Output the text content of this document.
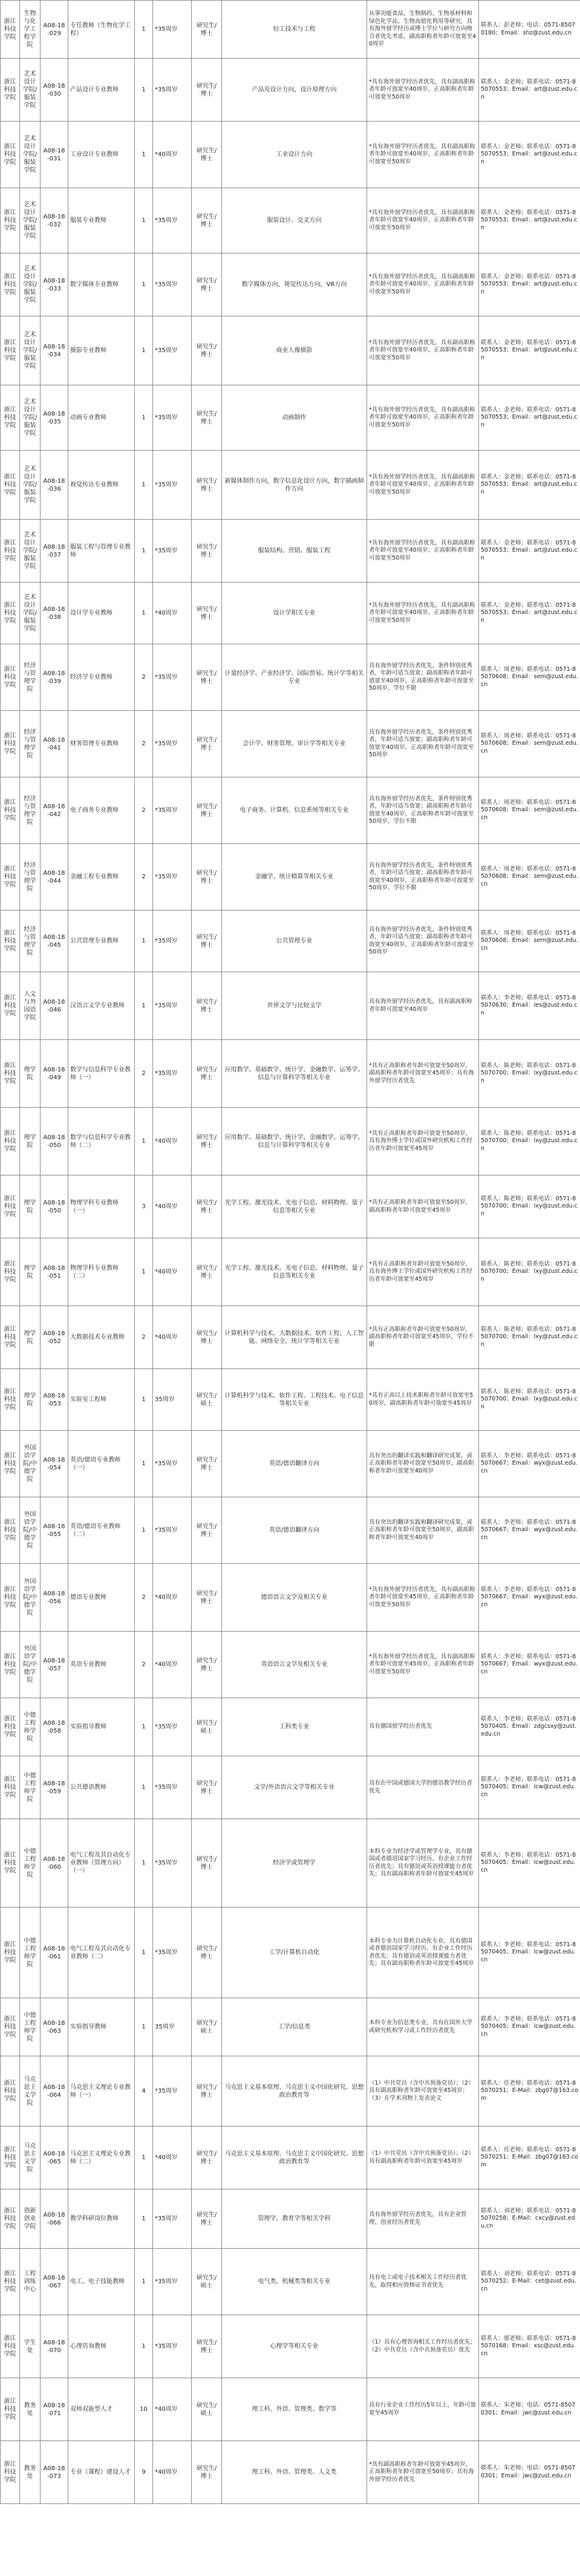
浙江科技学院	生物与化学工程学院	A08-18-029	专任教师（生物化学工程）	1	*35周岁	研究生/博士	轻工技术与工程	从事功能食品、生物制药、生物基材料和绿色化学品、生物高值化利用等研究，具有海外留学经历或博士学位与研究方向吻合者优先考虑，副高职称者年龄可放宽至40周岁	联系人：彭老师；电话：0571-85070180；Email：shz@zust.edu.cn
浙江科技学院	艺术设计学院/服装学院	A08-18-030	产品设计专业教师	1	*35周岁	研究生/博士	产品及设计方向，设计原理方向	*具有海外留学经历者优先，具有副高职称者年龄可放宽至40周岁，正高职称者年龄可放宽至50周岁	联系人：金老师；联系电话：0571-85070553；Email：art@zust.edu.cn
浙江科技学院	艺术设计学院/服装学院	A08-18-031	工业设计专业教师	1	*40周岁	研究生/博士	工业设计方向	*具有海外留学经历者优先，具有副高职称者年龄可放宽至40周岁，正高职称者年龄可放宽至50周岁	联系人：金老师；联系电话：0571-85070553；Email：art@zust.edu.cn
浙江科技学院	艺术设计学院/服装学院	A08-18-032	服装专业教师	1	*35周岁	研究生/博士	服装设计、交叉方向	*具有海外留学经历者优先，具有副高职称者年龄可放宽至40周岁，正高职称者年龄可放宽至50周岁	联系人：金老师；联系电话：0571-85070553；Email：art@zust.edu.cn
浙江科技学院	艺术设计学院/服装学院	A08-18-033	数字媒体专业教师	1	*35周岁	研究生/博士	数字媒体方向，视觉传达方向，VR方向	*具有海外留学经历者优先，具有副高职称者年龄可放宽至40周岁，正高职称者年龄可放宽至50周岁	联系人：金老师；联系电话：0571-85070553；Email：art@zust.edu.cn
浙江科技学院	艺术设计学院/服装学院	A08-18-034	摄影专业教师	1	*35周岁	研究生/博士	商业人像摄影	*具有海外留学经历者优先，具有副高职称者年龄可放宽至40周岁，正高职称者年龄可放宽至50周岁	联系人：金老师；联系电话：0571-85070553；Email：art@zust.edu.cn
浙江科技学院	艺术设计学院/服装学院	A08-18-035	动画专业教师	1	*35周岁	研究生/博士	动画制作	*具有海外留学经历者优先，具有副高职称者年龄可放宽至40周岁，正高职称者年龄可放宽至50周岁	联系人：金老师；联系电话：0571-85070553；Email：art@zust.edu.cn
浙江科技学院	艺术设计学院/服装学院	A08-18-036	视觉传达专业教师	1	*35周岁	研究生/博士	新媒体制作方向，数字信息化设计方向，数字插画制作方向	*具有海外留学经历者优先，具有副高职称者年龄可放宽至40周岁，正高职称者年龄可放宽至50周岁	联系人：金老师；联系电话：0571-85070553；Email：art@zust.edu.cn
浙江科技学院	艺术设计学院/服装学院	A08-18-037	服装工程与管理专业教师	1	*35周岁	研究生/博士	服装结构、营销、服装工程	*具有海外留学经历者优先，具有副高职称者年龄可放宽至40周岁，正高职称者年龄可放宽至50周岁	联系人：金老师；联系电话：0571-85070553；Email：art@zust.edu.cn
浙江科技学院	艺术设计学院/服装学院	A08-18-038	设计学专业教师	1	*40周岁	研究生/博士	设计学相关专业	*具有海外留学经历者优先，具有副高职称者年龄可放宽至40周岁，正高职称者年龄可放宽至50周岁	联系人：金老师；联系电话：0571-85070553；Email：art@zust.edu.cn
浙江科技学院	经济与管理学院	A08-18-039	经济学专业教师	2	*35周岁	研究生/博士	计量经济学、产业经济学、国际贸易、统计学等相关专业	具有海外留学经历者优先，条件特别优秀者，年龄可适当放宽；副高职称者年龄可放宽至40周岁，正高职称者年龄可放宽至50周岁，学位不限	联系人：周老师；联系电话：0571-85070608；Email：sem@zust.edu.cn
浙江科技学院	经济与管理学院	A08-18-041	财务管理专业教师	2	*35周岁	研究生/博士	会计学、财务管理、审计学等相关专业	具有海外留学经历者优先，条件特别优秀者，年龄可适当放宽；副高职称者年龄可放宽至40周岁，正高职称者年龄可放宽至50周岁	联系人：周老师；联系电话：0571-85070608；Email：sem@zust.edu.cn
浙江科技学院	经济与管理学院	A08-18-042	电子商务专业教师	2	*35周岁	研究生/博士	电子商务、计算机、信息系统等相关专业	具有海外留学经历者优先，条件特别优秀者，年龄可适当放宽；副高职称者年龄可放宽至40周岁，正高职称者年龄可放宽至50周岁，学位不限	联系人：周老师；联系电话：0571-85070608；Email：sem@zust.edu.cn
浙江科技学院	经济与管理学院	A08-18-044	金融工程专业教师	2	*35周岁	研究生/博士	金融学、统计精算等相关专业	具有海外留学经历者优先，条件特别优秀者，年龄可适当放宽；副高职称者年龄可放宽至40周岁，正高职称者年龄可放宽至50周岁，学位不限	联系人：周老师；联系电话：0571-85070608；Email：sem@zust.edu.cn
浙江科技学院	经济与管理学院	A08-18-045	公共管理专业教师	1	*35周岁	研究生/博士	公共管理专业	具有海外留学经历者优先，条件特别优秀者，年龄可适当放宽；副高职称者年龄可放宽至40周岁，正高职称者年龄可放宽至50周岁	联系人：周老师；联系电话：0571-85070608；Email：sem@zust.edu.cn
浙江科技学院	人文与外国语学院	A08-18-046	汉语言文学专业教师	1	*35周岁	研究生/博士	世界文学与比较文学	具有海外留学经历者优先，具有副高职称者年龄可放宽至40周岁	联系人：李老师；联系电话：0571-85070630；Email：les@zust.edu.cn
浙江科技学院	理学院	A08-18-049	数学与信息科学专业教师（一）	2	*35周岁	研究生/博士	应用数学、基础数学、统计学、金融数学、运筹学、信息与计算科学等相关专业	*具有正高职称者年龄可放宽至50周岁，副高职称者年龄可放宽至45周岁；具有海外留学经历者优先	联系人：陈老师；联系电话：0571-85070700；Email：lxy@zust.edu.cn
浙江科技学院	理学院	A08-18-050	数学与信息科学专业教师（二）	1	*40周岁	研究生/博士	应用数学、基础数学、统计学、金融数学、运筹学、信息与计算科学等相关专业	*具有正高职称者年龄可放宽至50周岁，具有海外博士学位或国外研究机构工作经历者年龄可放宽至45周岁	联系人：陈老师；联系电话：0571-85070700；Email：lxy@zust.edu.cn
浙江科技学院	理学院	A08-18-050	物理学科专业教师（一）	3	*40周岁	研究生/博士	光学工程、激光技术、光电子信息、材料物理、量子信息等相关专业	*具有正高职称者年龄可放宽至50周岁，副高职称者年龄可放宽至45周岁	联系人：陈老师；联系电话：0571-85070700；Email：lxy@zust.edu.cn
浙江科技学院	理学院	A08-18-051	物理学科专业教师（二）	1	*40周岁	研究生/博士	光学工程、激光技术、光电子信息、材料物理、量子信息等相关专业	*具有正高职称者年龄可放宽至50周岁，具有海外博士学位或国外研究机构工作经历者年龄可放宽至45周岁	联系人：陈老师；联系电话：0571-85070700；Email：lxy@zust.edu.cn
浙江科技学院	理学院	A08-18-052	大数据技术专业教师	2	*40周岁	研究生/博士	计算机科学与技术、大数据技术、软件工程、人工智能、网络安全、统计学等相关专业	*具有正高职称者年龄可放宽至50周岁，副高职称者年龄可放宽至45周岁，学位不限	联系人：陈老师；联系电话：0571-85070700；Email：lxy@zust.edu.cn
浙江科技学院	理学院	A08-18-053	实验室工程师	1	35周岁	研究生/硕士	计算机科学与技术、软件工程、工程技术、电子信息等相关专业	*具有正高以上技术职称者年龄可放宽至50周岁，副高职称者年龄可放宽至45周岁	联系人：陈老师；联系电话：0571-85070700；Email：lxy@zust.edu.cn
浙江科技学院	外国语学院/中德学院	A08-18-054	英语/德语专业教师（一）	1	*35周岁	研究生/博士	英语/德语翻译方向	具有突出的翻译实践和翻译研究成果，或正高职称者年龄可放宽至50周岁，副高职称者年龄可放宽至40周岁	联系人：李老师；联系电话：0571-85070667；Email：wyx@zust.edu.cn
浙江科技学院	外国语学院/中德学院	A08-18-055	英语/德语专业教师（二）	1	*35周岁	研究生/博士	英语/德语翻译方向	具有突出的翻译实践和翻译研究成果，或正高职称者年龄可放宽至50周岁，副高职称者年龄可放宽至40周岁	联系人：李老师；联系电话：0571-85070667；Email：wyx@zust.edu.cn
浙江科技学院	外国语学院/中德学院	A08-18-056	德语专业教师	2	*40周岁	研究生/博士	德语语言文学及相关专业	*具有海外留学经历者优先，具有副高职称者年龄可放宽至45周岁，正高职称者年龄可放宽至50周岁	联系人：李老师；联系电话：0571-85070667；Email：wyx@zust.edu.cn
浙江科技学院	外国语学院/中德学院	A08-18-057	英语专业教师	2	*40周岁	研究生/博士	英语语言文学及相关专业	*具有海外留学经历者优先，具有副高职称者年龄可放宽至45周岁，正高职称者年龄可放宽至50周岁	联系人：李老师；联系电话：0571-85070667；Email：wyx@zust.edu.cn
浙江科技学院	中德工程师学院	A08-18-058	实验指导教师	1	*35周岁	研究生/硕士	工科类专业	具有德国留学经历者优先	联系人：李老师；联系电话：0571-85070405；Email：zdgcsxy@zust.edu.cn
浙江科技学院	中德工程师学院	A08-18-059	公共德语教师	1	*35周岁	研究生/博士	文学/外语语言文学等相关专业	具有在中国或德国大学的德语教学经历者优先	联系人：李老师；联系电话：0571-85070405；Email：lcw@zust.edu.cn
浙江科技学院	中德工程师学院	A08-18-060	电气工程及其自动化专业教师（管理方向）（一）	1	*35周岁	研究生/博士	经济学或管理学	本科专业为经济学或管理学专业，具有德国或者德语国家学习经历、有企业工作经历者优先；具有德语或英语授课能力者优先；具有副高职称者年龄可放宽至45周岁	联系人：李老师；联系电话：0571-85070405；Email：lcw@zust.edu.cn
浙江科技学院	中德工程师学院	A08-18-061	电气工程及其自动化专业教师（二）	1	*35周岁	研究生/博士	工学/计算机自动化	本科专业为计算机自动化专业，具有德国或者德语国家学习经历、有企业工作经历者优先；具有德语或英语授课能力者优先；具有副高职称者年龄可放宽至45周岁	联系人：李老师；联系电话：0571-85070405；Email：lcw@zust.edu.cn
浙江科技学院	中德工程师学院	A08-18-063	实验指导教师	1	35周岁	研究生/硕士	工学/信息类	本科专业为信息类专业，具有在国外大学或研究机构学习或工作经历者优先	联系人：李老师；联系电话：0571-85070405；Email：lcw@zust.edu.cn
浙江科技学院	马克思主义学院	A08-18-064	马克思主义理论专业教师（一）	4	*35周岁	研究生/博士	马克思主义基本原理、马克思主义中国化研究、思想政治教育等	（1）中共党员（含中共预备党员）；（2）具有副高职称者年龄可放宽至45周岁；（3）在学术刊物上发表论文	联系人：任老师；联系电话：0571-85070251；E-Mail：zbg07@163.com
浙江科技学院	马克思主义学院	A08-18-065	马克思主义理论专业教师（二）	1	*40周岁	研究生/博士	马克思主义基本原理、马克思主义中国化研究、思想政治教育等	（1）中共党员（含中共预备党员）；（2）具有副高职称者年龄可放宽至45周岁	联系人：任老师；联系电话：0571-85070251；E-Mail：zbg07@163.com
浙江科技学院	创新创业学院	A08-18-066	教学科研岗位教师	1	*35周岁	研究生/博士	管理学、教育学等相关学科	具有海外留学经历者优先，具有企业管理、创业经历者优先	联系人：刘老师；联系电话：0571-85070258；E-Mail：cxcy@zust.edu.cn
浙江科技学院	工程训练中心	A08-18-067	电工、电子技能教师	1	*35周岁	研究生/硕士	电气类、机械类等相关专业	具有电工或电子技术相关工作经历者优先，取得相应资格证书者优先	联系人：刘老师；联系电话：0571-85070252；E-Mail：cet@zust.edu.cn
浙江科技学院	学生处	A08-18-070	心理咨询教师	1	*35周岁	研究生/博士	心理学等相关专业	（1）具有心理咨询相关工作经历者优先；（2）中共党员（含中共预备党员）优先	联系人：郭老师；联系电话：0571-85070168；Email：xsc@zust.edu.cn
浙江科技学院	教务处	A08-18-071	双师双能型人才	10	*40周岁	研究生/硕士	理工科、外语、管理类、数学等	具有行业企业工作经历5年以上，年龄可放宽至45周岁	联系人：朱老师；电话：0571-85070301；Email：jwc@zust.edu.cn
浙江科技学院	教务处	A08-18-073	专业（课程）建设人才	9	*40周岁	研究生/博士	理工科、外语、管理类、人文类	*具有副高职称者年龄可放宽至45周岁，正高职称者年龄可放宽至50周岁；具有海外留学经历者优先	联系人：朱老师；电话：0571-85070301；Email：jwc@zust.edu.cn
